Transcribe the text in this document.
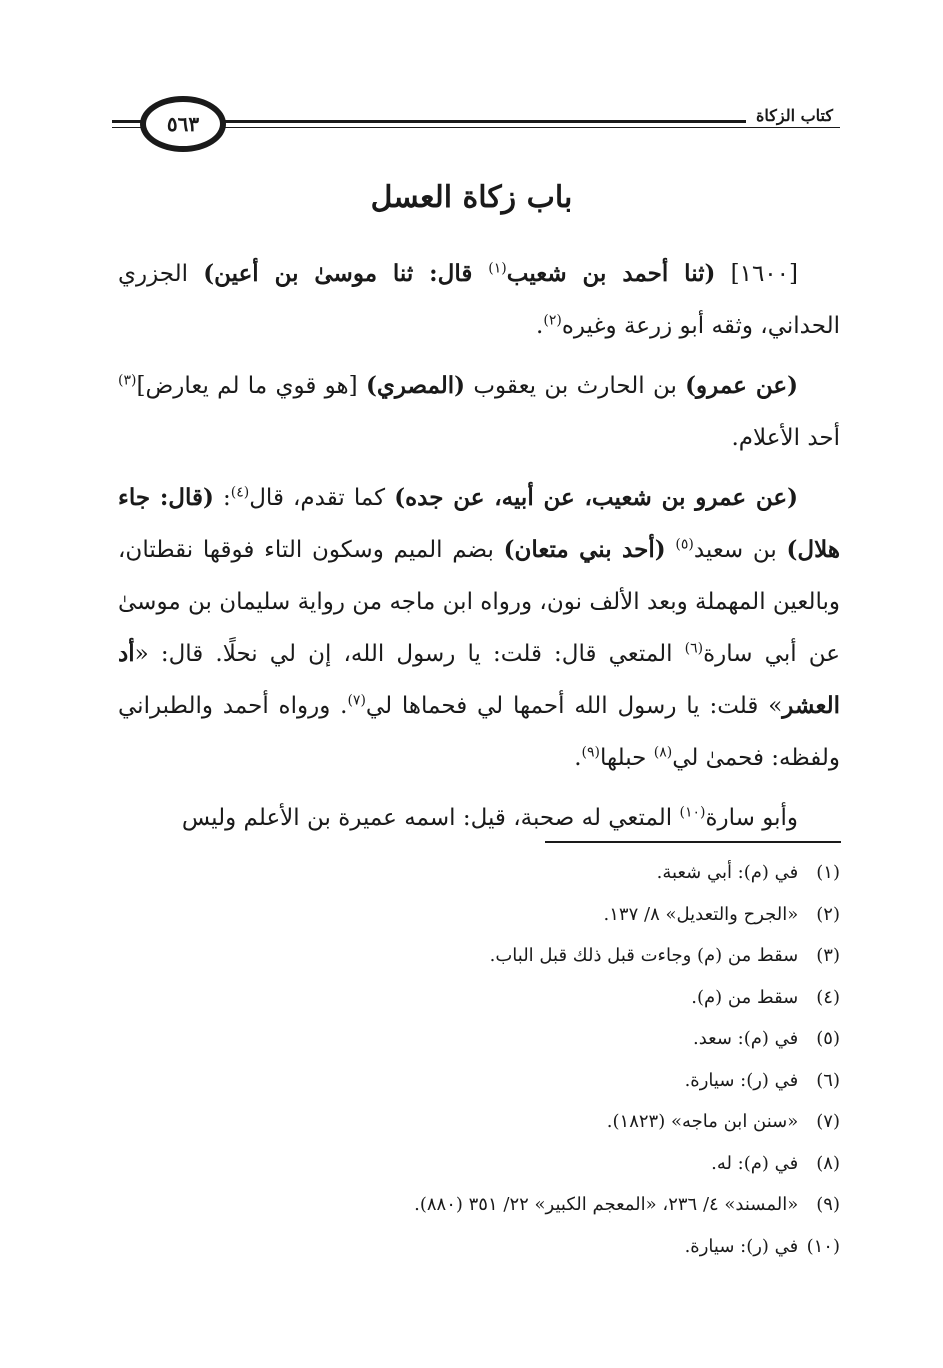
٥٦٣	كتاب الزكاة
باب زكاة العسل

[١٦٠٠] (ثنا أحمد بن شعيب$^{(١)}$ قال: ثنا موسىٰ بن أعين) الجزري الحداني، وثقه أبو زرعة وغيره$^{(٢)}$.

(عن عمرو) بن الحارث بن يعقوب (المصري) [هو قوي ما لم يعارض]$^{(٣)}$ أحد الأعلام.

(عن عمرو بن شعيب، عن أبيه، عن جده) كما تقدم، قال$^{(٤)}$: (قال: جاء هلال) بن سعيد$^{(٥)}$ (أحد بني متعان) بضم الميم وسكون التاء فوقها نقطتان، وبالعين المهملة وبعد الألف نون، ورواه ابن ماجه من رواية سليمان بن موسىٰ عن أبي سارة$^{(٦)}$ المتعي قال: قلت: يا رسول الله، إن لي نحلًا. قال: «أد العشر» قلت: يا رسول الله أحمها لي فحماها لي$^{(٧)}$. ورواه أحمد والطبراني ولفظه: فحمىٰ لي$^{(٨)}$ حبلها$^{(٩)}$.

وأبو سارة$^{(١٠)}$ المتعي له صحبة، قيل: اسمه عميرة بن الأعلم وليس

(١) في (م): أبي شعبة.
(٢) «الجرح والتعديل» ٨/ ١٣٧.
(٣) سقط من (م) وجاءت قبل ذلك قبل الباب.
(٤) سقط من (م).
(٥) في (م): سعد.
(٦) في (ر): سيارة.
(٧) «سنن ابن ماجه» (١٨٢٣).
(٨) في (م): له.
(٩) «المسند» ٤/ ٢٣٦، «المعجم الكبير» ٢٢/ ٣٥١ (٨٨٠).
(١٠) في (ر): سيارة.
